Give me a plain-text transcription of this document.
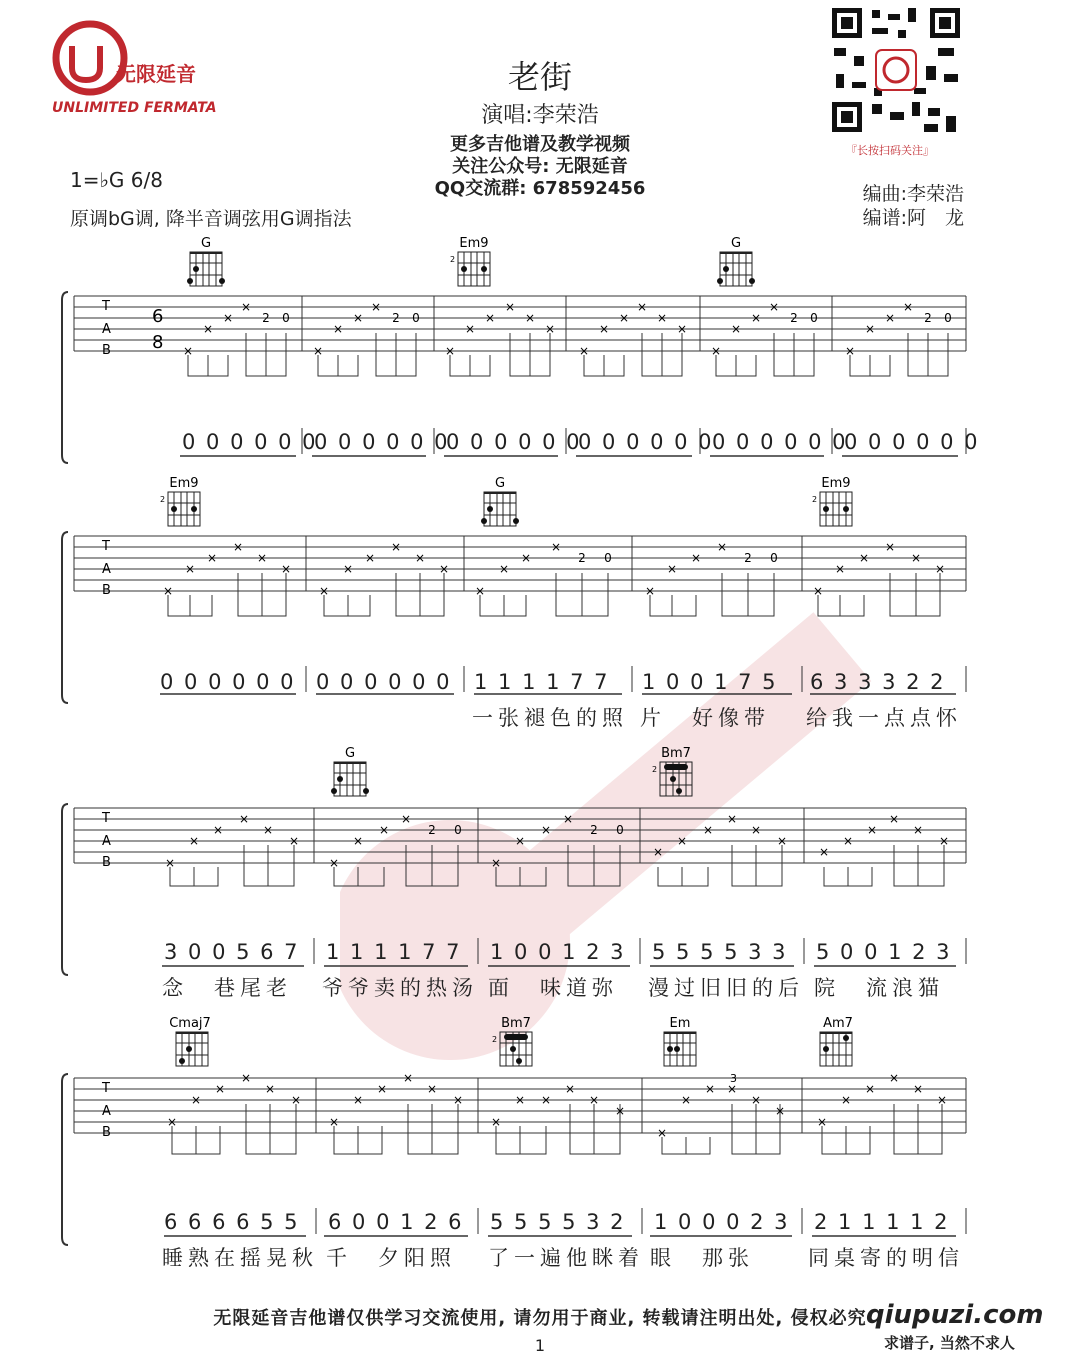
无限延音
UNLIMITED FERMATA
老街
演唱:李荣浩
更多吉他谱及教学视频
关注公众号: 无限延音
QQ交流群: 678592456
1=♭G 6/8
原调bG调, 降半音调弦用G调指法
编曲:李荣浩
编谱:阿　龙
『长按扫码关注』
T
A
B
6
8 ×
×
×
×
2 0
×
×
×
×
2 0
×
×
×
×
×
×
×
×
×
×
×
×
×
×
×
×
2 0
×
×
×
×
2 0
0 0 0 0 0 0
0 0 0 0 0 0
0 0 0 0 0 0
0 0 0 0 0 0
0 0 0 0 0 0
0 0 0 0 0 0
G	Em9
2
G
T
A
B	×
×
×
×
×
×
×
×
×
×
×
×
×
×
×
×
2 0
×
×
×
×
2 0
×
×
×
×
×
×
0 0 0 0 0 0 0 0 0 0 0 0 1 1 1 1 7 7 1 0 0 1 7 5 6 3 3 3 2 2
一张褪色的照 片　好像带 给我一点点怀
Em9
2
G	Em9
2
T
A
B	×
×
×
×
×
×
×
×
×
×
2 0
×
×
×
×
2 0
×
×
×
×
×
×
×
×
×
×
×
×
3 0 0 5 6 7 1 1 1 1 7 7 1 0 0 1 2 3 5 5 5 5 3 3 5 0 0 1 2 3
念　巷尾老 爷爷卖的热汤 面　味道弥 漫过旧旧的后 院　流浪猫
G	Bm7
2
T
A
B
3
×
×
×
×
×
×
×
×
×
×
×
×
×
× ×
×
×
×
×
×
× ×
×
×
×
×
×
×
×
×
6 6 6 6 5 5 6 0 0 1 2 6 5 5 5 5 3 2 1 0 0 0 2 3 2 1 1 1 1 2
睡熟在摇晃秋 千　夕阳照 了一遍他眯着 眼　那张	同桌寄的明信
Cmaj7	Bm7
2
Em	Am7
无限延音吉他谱仅供学习交流使用, 请勿用于商业, 转载请注明出处, 侵权必究
1
qiupuzi.com
求谱子, 当然不求人
